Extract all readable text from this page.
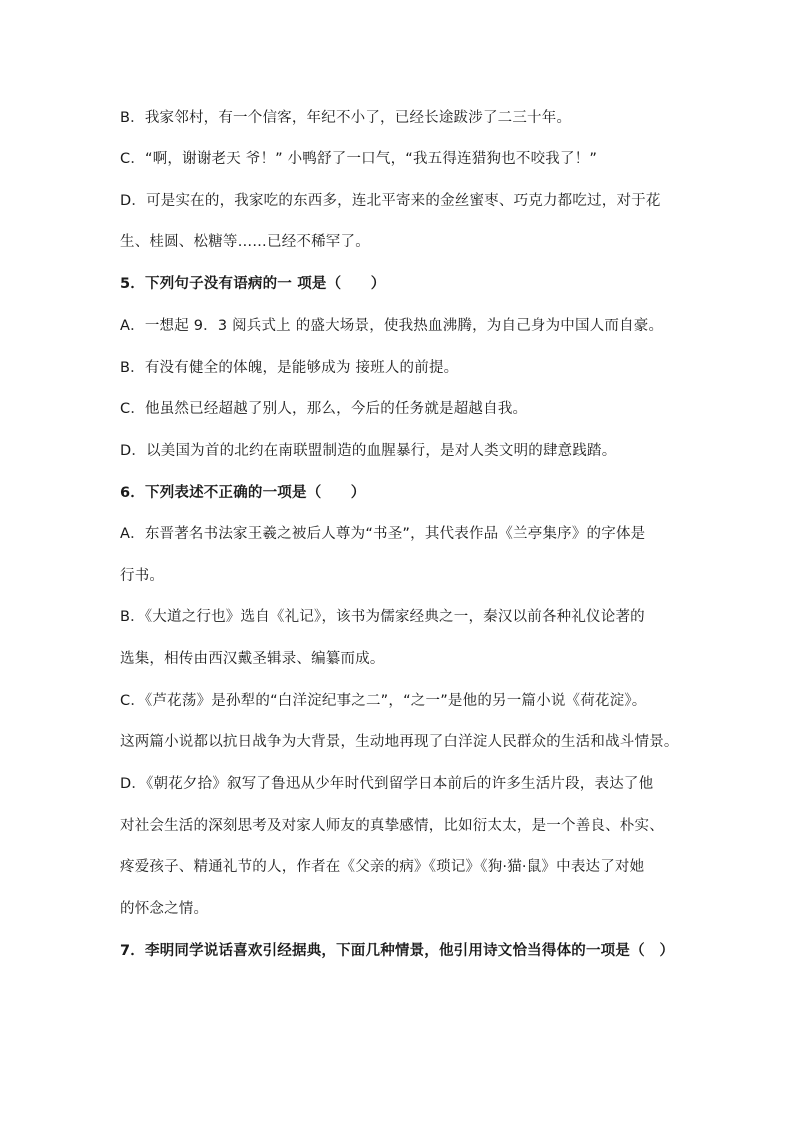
B．我家邻村，有一个信客，年纪不小了，已经长途跋涉了二三十年。
C．“啊，谢谢老天 爷！” 小鸭舒了一口气，“我五得连猎狗也不咬我了！”
D．可是实在的，我家吃的东西多，连北平寄来的金丝蜜枣、巧克力都吃过，对于花
生、桂圆、松糖等……已经不稀罕了。
5．下列句子没有语病的一 项是（　　）
A．一想起 9．3 阅兵式上 的盛大场景，使我热血沸腾，为自己身为中国人而自豪。
B．有没有健全的体魄，是能够成为 接班人的前提。
C．他虽然已经超越了别人，那么，今后的任务就是超越自我。
D．以美国为首的北约在南联盟制造的血腥暴行，是对人类文明的肆意践踏。
6．下列表述不正确的一项是（　　）
A．东晋著名书法家王羲之被后人尊为“书圣”，其代表作品《兰亭集序》的字体是
行书。
B．《大道之行也》选自《礼记》，该书为儒家经典之一，秦汉以前各种礼仪论著的
选集，相传由西汉戴圣辑录、编纂而成。
C．《芦花荡》是孙犁的“白洋淀纪事之二”，“之一”是他的另一篇小说《荷花淀》。
这两篇小说都以抗日战争为大背景，生动地再现了白洋淀人民群众的生活和战斗情景。
D．《朝花夕拾》叙写了鲁迅从少年时代到留学日本前后的许多生活片段，表达了他
对社会生活的深刻思考及对家人师友的真挚感情，比如衍太太，是一个善良、朴实、
疼爱孩子、精通礼节的人，作者在《父亲的病》《琐记》《狗·猫·鼠》中表达了对她
的怀念之情。
7．李明同学说话喜欢引经据典，下面几种情景，他引用诗文恰当得体的一项是（　）
